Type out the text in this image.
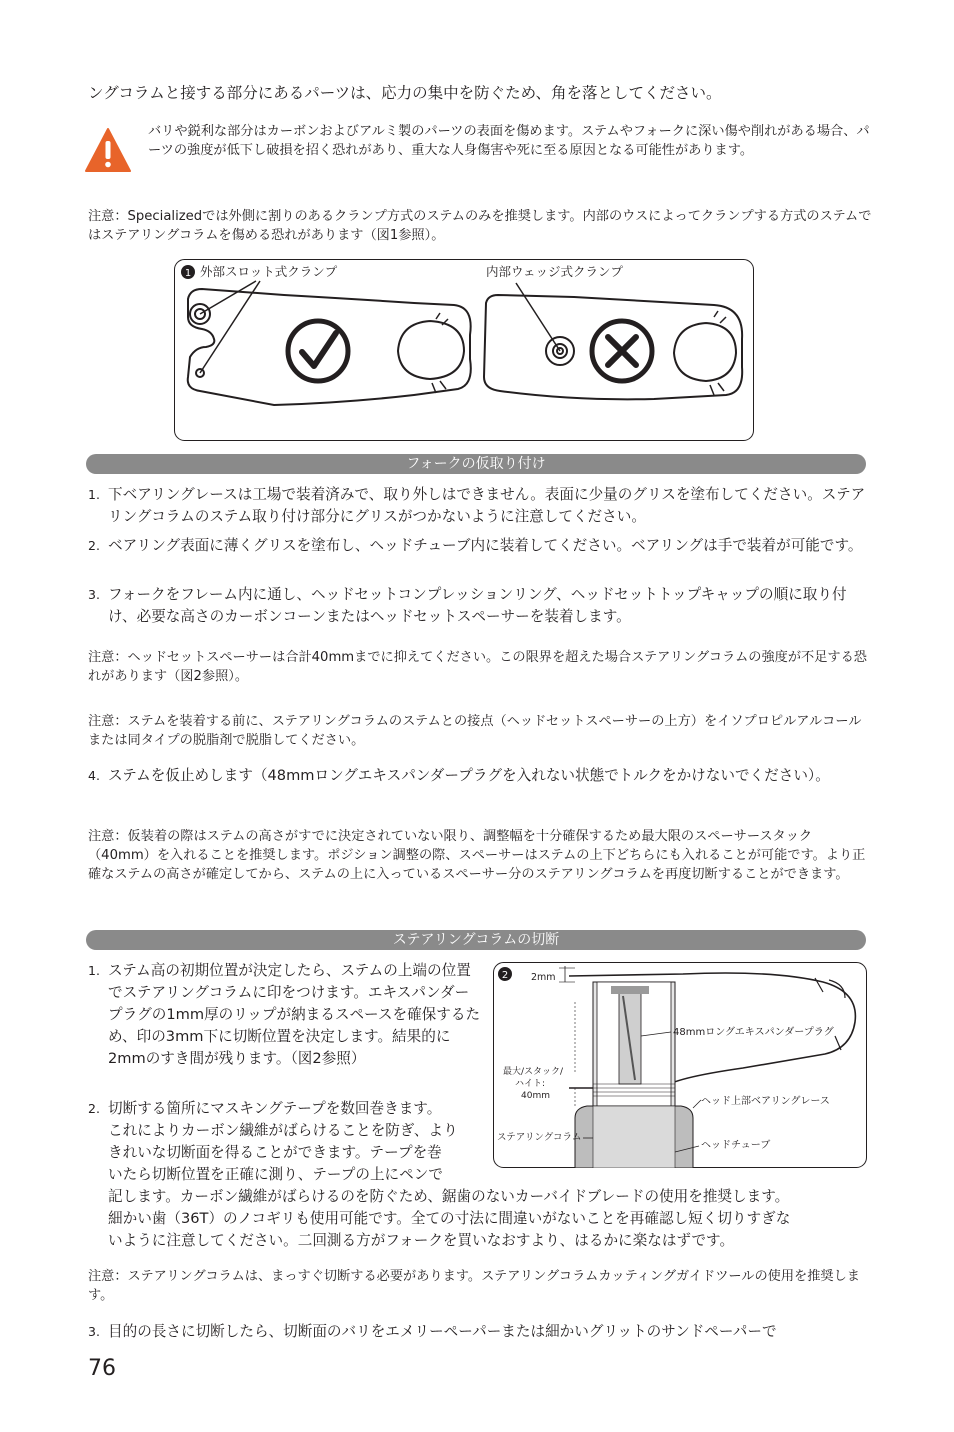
ングコラムと接する部分にあるパーツは、応力の集中を防ぐため、角を落としてください。
バリや鋭利な部分はカーボンおよびアルミ製のパーツの表面を傷めます。ステムやフォークに深い傷や削れがある場合、パーツの強度が低下し破損を招く恐れがあり、重大な人身傷害や死に至る原因となる可能性があります。
注意：Specializedでは外側に割りのあるクランプ方式のステムのみを推奨します。内部のウスによってクランプする方式のステムではステアリングコラムを傷める恐れがあります（図1参照）。
1 外部スロット式クランプ	内部ウェッジ式クランプ
フォークの仮取り付け
1. 下ベアリングレースは工場で装着済みで、取り外しはできません。表面に少量のグリスを塗布してください。ステアリングコラムのステム取り付け部分にグリスがつかないように注意してください。
2. ベアリング表面に薄くグリスを塗布し、ヘッドチューブ内に装着してください。ベアリングは手で装着が可能です。
3. フォークをフレーム内に通し、ヘッドセットコンプレッションリング、ヘッドセットトップキャップの順に取り付け、必要な高さのカーボンコーンまたはヘッドセットスペーサーを装着します。
注意：ヘッドセットスペーサーは合計40mmまでに抑えてください。この限界を超えた場合ステアリングコラムの強度が不足する恐れがあります（図2参照）。
注意：ステムを装着する前に、ステアリングコラムのステムとの接点（ヘッドセットスペーサーの上方）をイソプロピルアルコールまたは同タイプの脱脂剤で脱脂してください。
4. ステムを仮止めします（48mmロングエキスパンダープラグを入れない状態でトルクをかけないでください）。
注意：仮装着の際はステムの高さがすでに決定されていない限り、調整幅を十分確保するため最大限のスペーサースタック（40mm）を入れることを推奨します。ポジション調整の際、スペーサーはステムの上下どちらにも入れることが可能です。より正確なステムの高さが確定してから、ステムの上に入っているスペーサー分のステアリングコラムを再度切断することができます。
ステアリングコラムの切断
1. ステム高の初期位置が決定したら、ステムの上端の位置でステアリングコラムに印をつけます。エキスパンダープラグの1mm厚のリップが納まるスペースを確保するため、印の3mm下に切断位置を決定します。結果的に2mmのすき間が残ります。（図2参照）
2. 切断する箇所にマスキングテープを数回巻きます。
これによりカーボン繊維がばらけることを防ぎ、より
きれいな切断面を得ることができます。テープを巻
いたら切断位置を正確に測り、テープの上にペンで
記します。カーボン繊維がばらけるのを防ぐため、鋸歯のないカーバイドブレードの使用を推奨します。
細かい歯（36T）のノコギリも使用可能です。全ての寸法に間違いがないことを再確認し短く切りすぎな
いように注意してください。二回測る方がフォークを買いなおすより、はるかに楽なはずです。
2 2mm
48mmロングエキスパンダープラグ
最大/スタック/
ハイト:
40mm	ヘッド上部ベアリングレース
ステアリングコラム
ヘッドチューブ
注意：ステアリングコラムは、まっすぐ切断する必要があります。ステアリングコラムカッティングガイドツールの使用を推奨します。
3. 目的の長さに切断したら、切断面のバリをエメリーペーパーまたは細かいグリットのサンドペーパーで
76
